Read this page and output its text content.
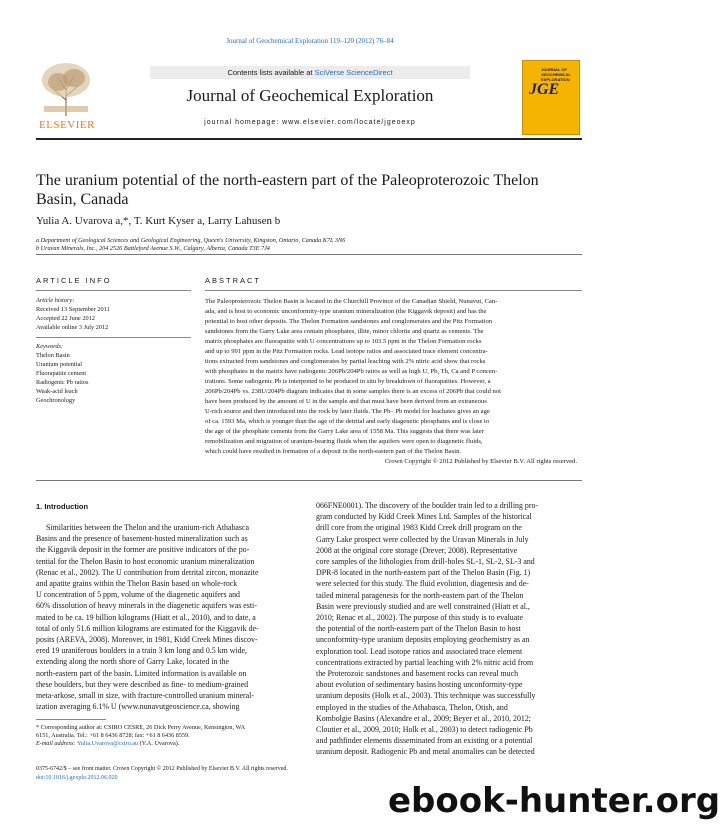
Journal of Geochemical Exploration 119–120 (2012) 76–84
ELSEVIER
Contents lists available at SciVerse ScienceDirect
Journal of Geochemical Exploration
journal homepage: www.elsevier.com/locate/jgeoexp
JOURNAL OF GEOCHEMICAL EXPLORATION
JGE
The uranium potential of the north-eastern part of the Paleoproterozoic Thelon
Basin, Canada
Yulia A. Uvarova a,*, T. Kurt Kyser a, Larry Lahusen b
a Department of Geological Sciences and Geological Engineering, Queen's University, Kingston, Ontario, Canada K7L 3N6
b Uravan Minerals, Inc., 204 2526 Battleford Avenue S.W., Calgary, Alberta, Canada T3E 7J4
ARTICLE INFO
Article history:
Received 13 September 2011
Accepted 22 June 2012
Available online 3 July 2012
Keywords:
Thelon Basin
Uranium potential
Fluorapatite cement
Radiogenic Pb ratios
Weak-acid leach
Geochronology
ABSTRACT
The Paleoproterozoic Thelon Basin is located in the Churchill Province of the Canadian Shield, Nunavut, Can-
ada, and is host to economic unconformity-type uranium mineralization (the Kiggavik deposit) and has the
potential to host other deposits. The Thelon Formation sandstones and conglomerates and the Pitz Formation
sandstones from the Garry Lake area contain phosphates, illite, minor chlorite and quartz as cements. The
matrix phosphates are fluorapatite with U concentrations up to 103.5 ppm in the Thelon Formation rocks
and up to 991 ppm in the Pitz Formation rocks. Lead isotope ratios and associated trace element concentra-
tions extracted from sandstones and conglomerates by partial leaching with 2% nitric acid show that rocks
with phosphates in the matrix have radiogenic 206Pb/204Pb ratios as well as high U, Pb, Th, Ca and P concen-
trations. Some radiogenic Pb is interpreted to be produced in situ by breakdown of fluorapatites. However, a
206Pb/204Pb vs. 238U/204Pb diagram indicates that in some samples there is an excess of 206Pb that could not
have been produced by the amount of U in the sample and that must have been derived from an extraneous
U-rich source and then introduced into the rock by later fluids. The Pb– Pb model for leachates gives an age
of ca. 1593 Ma, which is younger than the age of the detrital and early diagenetic phosphates and is close to
the age of the phosphate cements from the Garry Lake area of 1558 Ma. This suggests that there was later
remobilization and migration of uranium-bearing fluids when the aquifers were open to diagenetic fluids,
which could have resulted in formation of a deposit in the north-eastern part of the Thelon Basin.
Crown Copyright © 2012 Published by Elsevier B.V. All rights reserved.
1. Introduction
Similarities between the Thelon and the uranium-rich Athabasca
Basins and the presence of basement-hosted mineralization such as
the Kiggavik deposit in the former are positive indicators of the po-
tential for the Thelon Basin to host economic uranium mineralization
(Renac et al., 2002). The U contribution from detrital zircon, monazite
and apatite grains within the Thelon Basin based on whole-rock
U concentration of 5 ppm, volume of the diagenetic aquifers and
60% dissolution of heavy minerals in the diagenetic aquifers was esti-
mated to be ca. 19 billion kilograms (Hiatt et al., 2010), and to date, a
total of only 51.6 million kilograms are estimated for the Kiggavik de-
posits (AREVA, 2008). Moreover, in 1981, Kidd Creek Mines discov-
ered 19 uraniferous boulders in a train 3 km long and 0.5 km wide,
extending along the north shore of Garry Lake, located in the
north-eastern part of the basin. Limited information is available on
these boulders, but they were described as fine- to medium-grained
meta-arkose, small in size, with fracture-controlled uranium mineral-
ization averaging 6.1% U (www.nunavutgeoscience.ca, showing
066FNE0001). The discovery of the boulder train led to a drilling pro-
gram conducted by Kidd Creek Mines Ltd. Samples of the historical
drill core from the original 1983 Kidd Creek drill program on the
Garry Lake prospect were collected by the Uravan Minerals in July
2008 at the original core storage (Drever, 2008). Representative
core samples of the lithologies from drill-holes SL-1, SL-2, SL-3 and
DPR-8 located in the north-eastern part of the Thelon Basin (Fig. 1)
were selected for this study. The fluid evolution, diagenesis and de-
tailed mineral paragenesis for the north-eastern part of the Thelon
Basin were previously studied and are well constrained (Hiatt et al.,
2010; Renac et al., 2002). The purpose of this study is to evaluate
the potential of the north-eastern part of the Thelon Basin to host
unconformity-type uranium deposits employing geochemistry as an
exploration tool. Lead isotope ratios and associated trace element
concentrations extracted by partial leaching with 2% nitric acid from
the Proterozoic sandstones and basement rocks can reveal much
about evolution of sedimentary basins hosting unconformity-type
uranium deposits (Holk et al., 2003). This technique was successfully
employed in the studies of the Athabasca, Thelon, Otish, and
Kombolgie Basins (Alexandre et al., 2009; Beyer et al., 2010, 2012;
Cloutier et al., 2009, 2010; Holk et al., 2003) to detect radiogenic Pb
and pathfinder elements disseminated from an existing or a potential
uranium deposit. Radiogenic Pb and metal anomalies can be detected
* Corresponding author at: CSIRO CESRE, 26 Dick Perry Avenue, Kensington, WA
6151, Australia. Tel.: +61 8 6436 8728; fax: +61 8 6436 8559.
E-mail address: Yulia.Uvarova@csiro.au (Y.A. Uvarova).
0375-6742/$ – see front matter. Crown Copyright © 2012 Published by Elsevier B.V. All rights reserved.
doi:10.1016/j.gexplo.2012.06.020
ebook-hunter.org
